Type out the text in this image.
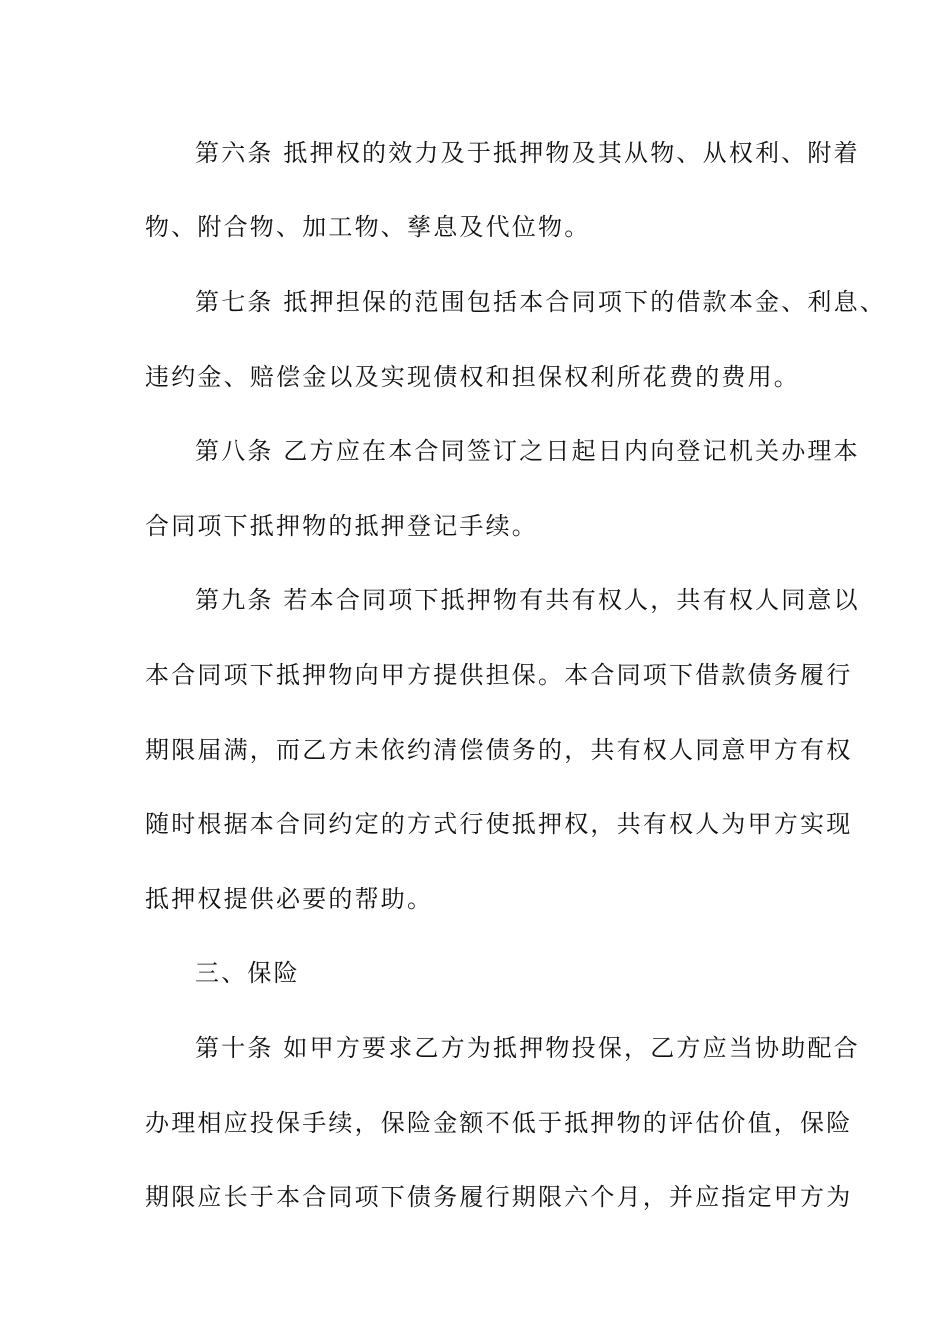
第六条 抵押权的效力及于抵押物及其从物、从权利、附着
物、附合物、加工物、孳息及代位物。
第七条 抵押担保的范围包括本合同项下的借款本金、利息、
违约金、赔偿金以及实现债权和担保权利所花费的费用。
第八条 乙方应在本合同签订之日起日内向登记机关办理本
合同项下抵押物的抵押登记手续。
第九条 若本合同项下抵押物有共有权人，共有权人同意以
本合同项下抵押物向甲方提供担保。本合同项下借款债务履行
期限届满，而乙方未依约清偿债务的，共有权人同意甲方有权
随时根据本合同约定的方式行使抵押权，共有权人为甲方实现
抵押权提供必要的帮助。
三、保险
第十条 如甲方要求乙方为抵押物投保，乙方应当协助配合
办理相应投保手续，保险金额不低于抵押物的评估价值，保险
期限应长于本合同项下债务履行期限六个月，并应指定甲方为
